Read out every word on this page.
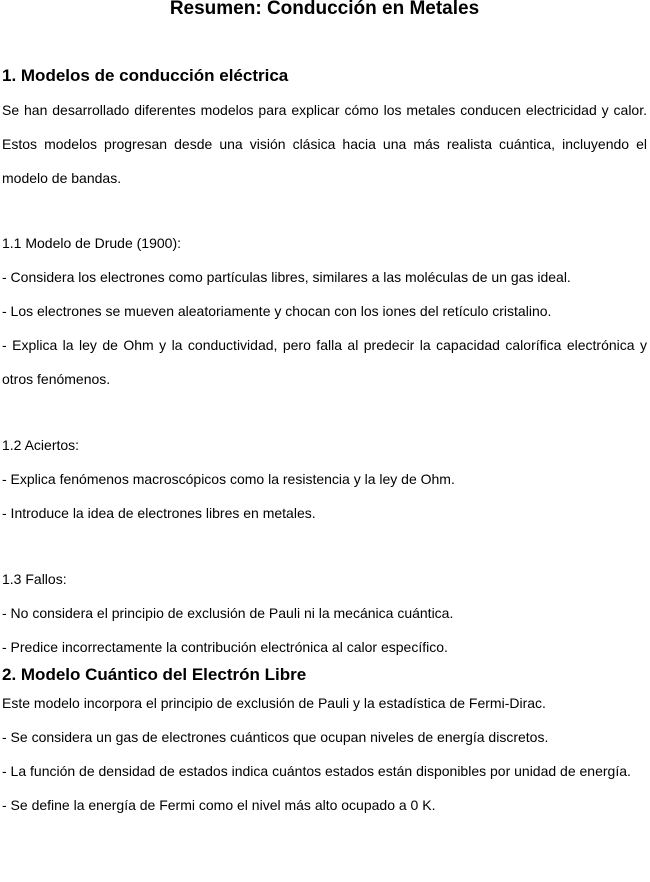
Resumen: Conducción en Metales
1. Modelos de conducción eléctrica

Se han desarrollado diferentes modelos para explicar cómo los metales conducen electricidad y calor. Estos modelos progresan desde una visión clásica hacia una más realista cuántica, incluyendo el modelo de bandas.

1.1 Modelo de Drude (1900):

- Considera los electrones como partículas libres, similares a las moléculas de un gas ideal.

- Los electrones se mueven aleatoriamente y chocan con los iones del retículo cristalino.

- Explica la ley de Ohm y la conductividad, pero falla al predecir la capacidad calorífica electrónica y otros fenómenos.

1.2 Aciertos:

- Explica fenómenos macroscópicos como la resistencia y la ley de Ohm.

- Introduce la idea de electrones libres en metales.

1.3 Fallos:

- No considera el principio de exclusión de Pauli ni la mecánica cuántica.

- Predice incorrectamente la contribución electrónica al calor específico.

2. Modelo Cuántico del Electrón Libre

Este modelo incorpora el principio de exclusión de Pauli y la estadística de Fermi-Dirac.

- Se considera un gas de electrones cuánticos que ocupan niveles de energía discretos.

- La función de densidad de estados indica cuántos estados están disponibles por unidad de energía.

- Se define la energía de Fermi como el nivel más alto ocupado a 0 K.
